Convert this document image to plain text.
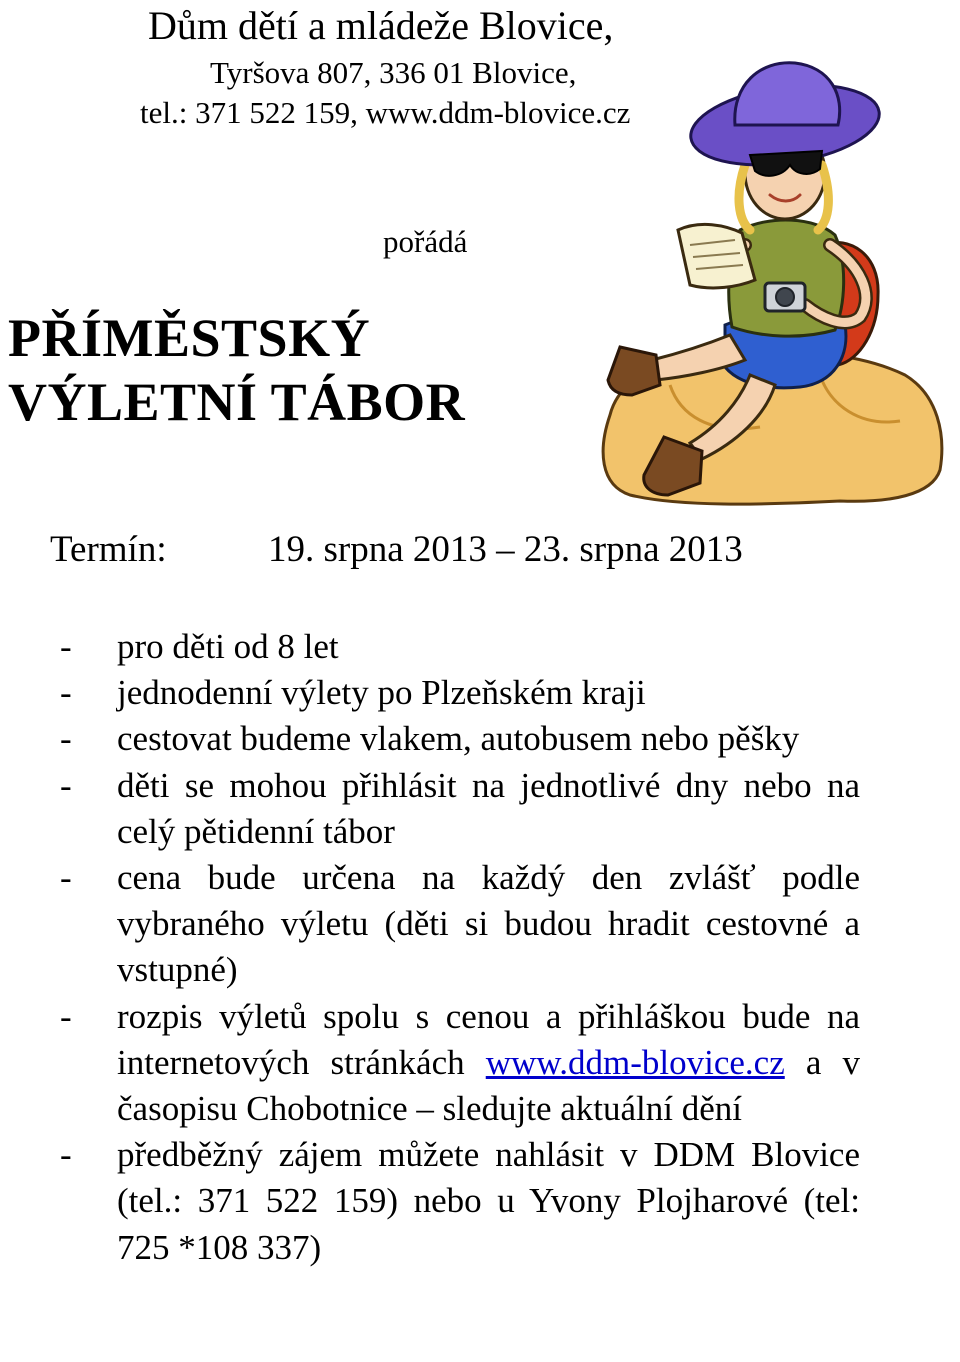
Dům dětí a mládeže Blovice,
Tyršova 807, 336 01 Blovice,
tel.: 371 522 159, www.ddm-blovice.cz
pořádá
PŘÍMĚSTSKÝ
VÝLETNÍ TÁBOR
Termín:	19. srpna 2013 – 23. srpna 2013
-	pro děti od 8 let
-	jednodenní výlety po Plzeňském kraji
-	cestovat budeme vlakem, autobusem nebo pěšky
-	děti se mohou přihlásit na jednotlivé dny nebo na celý pětidenní tábor
-	cena bude určena na každý den zvlášť podle vybraného výletu (děti si budou hradit cestovné a vstupné)
-	rozpis výletů spolu s cenou a přihláškou bude na internetových stránkách www.ddm-blovice.cz a v časopisu Chobotnice – sledujte aktuální dění
-	předběžný zájem můžete nahlásit v DDM Blovice (tel.: 371 522 159) nebo u Yvony Plojharové (tel: 725 *108 337)
